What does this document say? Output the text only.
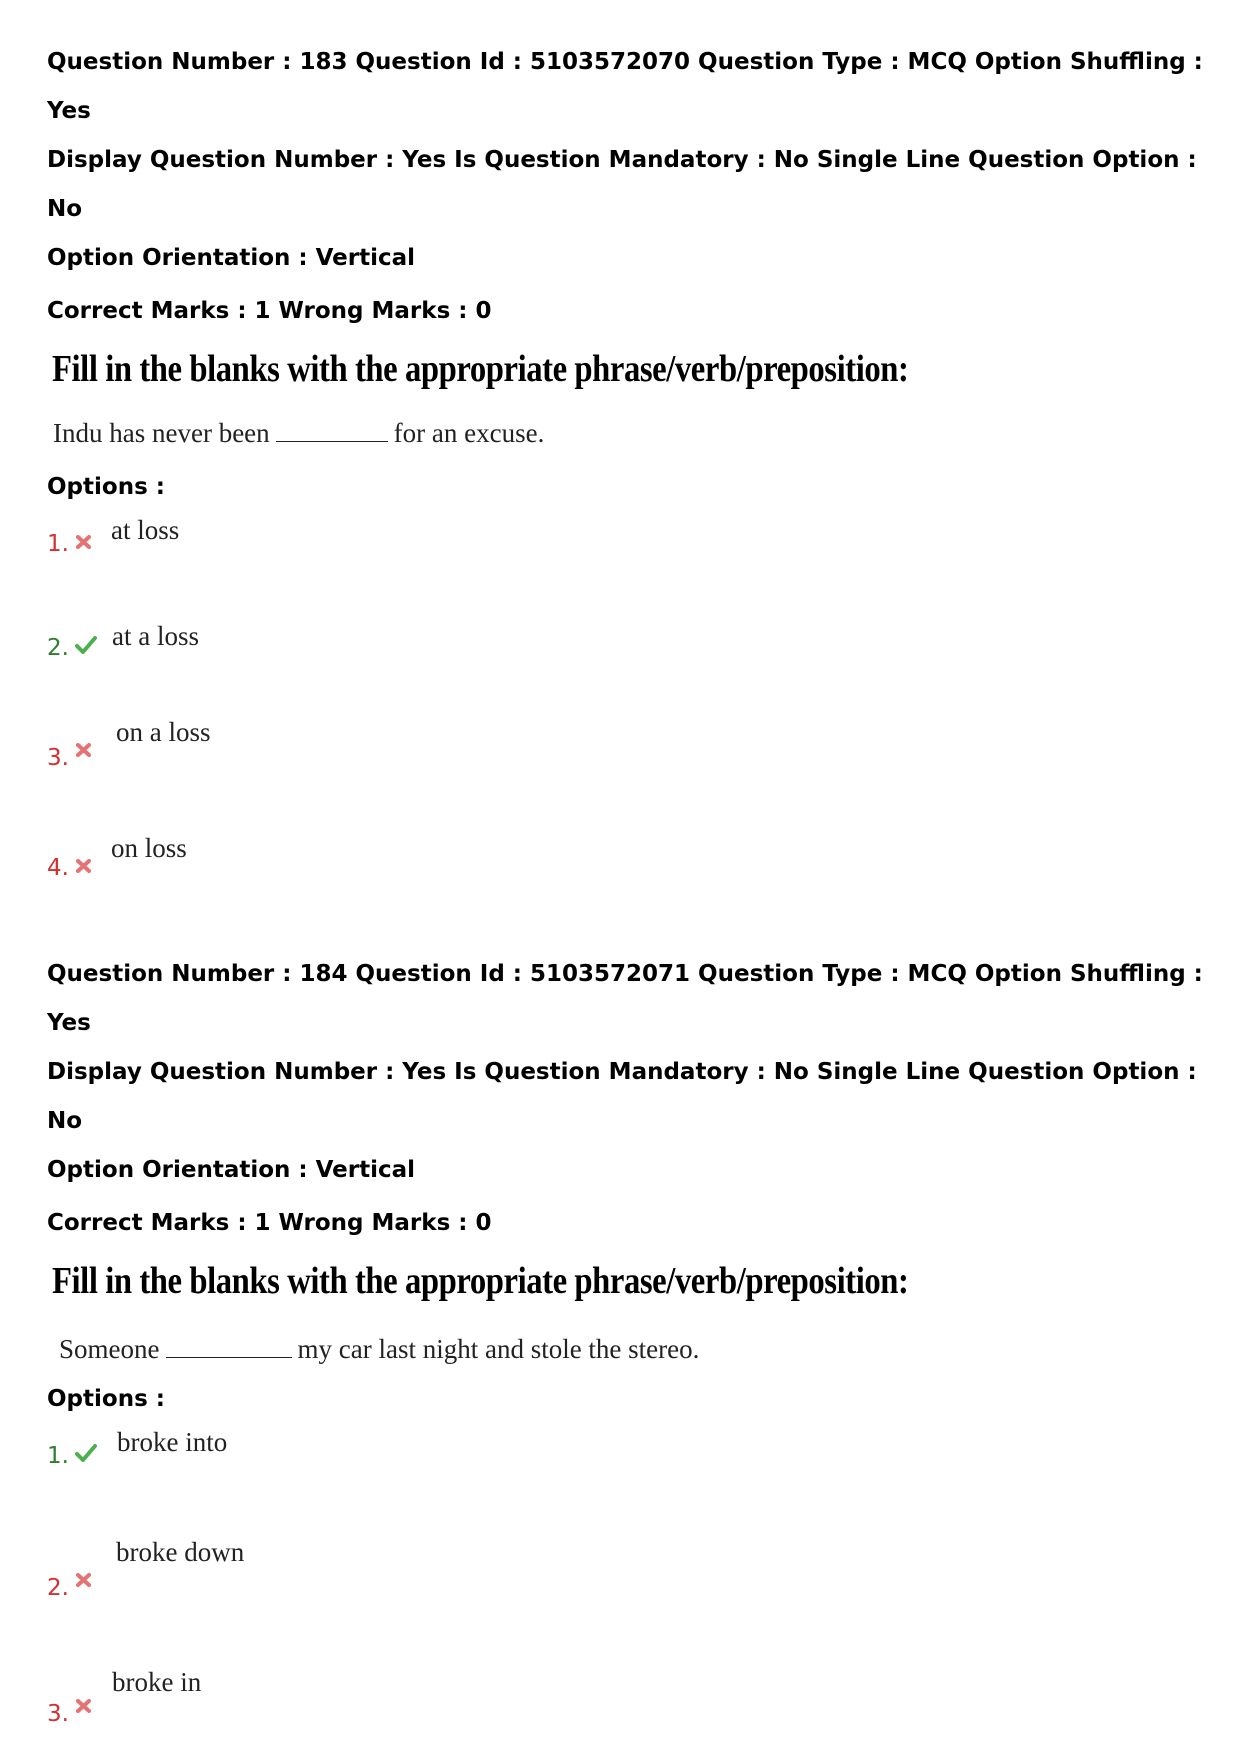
Question Number : 183 Question Id : 5103572070 Question Type : MCQ Option Shuffling : Yes
Display Question Number : Yes Is Question Mandatory : No Single Line Question Option : No
Option Orientation : Vertical
Correct Marks : 1 Wrong Marks : 0
Fill in the blanks with the appropriate phrase/verb/preposition:
Indu has never been	for an excuse.
Options :
1. at loss
2. at a loss
3.
on a loss
4.
on loss
Question Number : 184 Question Id : 5103572071 Question Type : MCQ Option Shuffling : Yes
Display Question Number : Yes Is Question Mandatory : No Single Line Question Option : No
Option Orientation : Vertical
Correct Marks : 1 Wrong Marks : 0
Fill in the blanks with the appropriate phrase/verb/preposition:
Someone	my car last night and stole the stereo.
Options :
1. broke into
2.
broke down
3.
broke in
